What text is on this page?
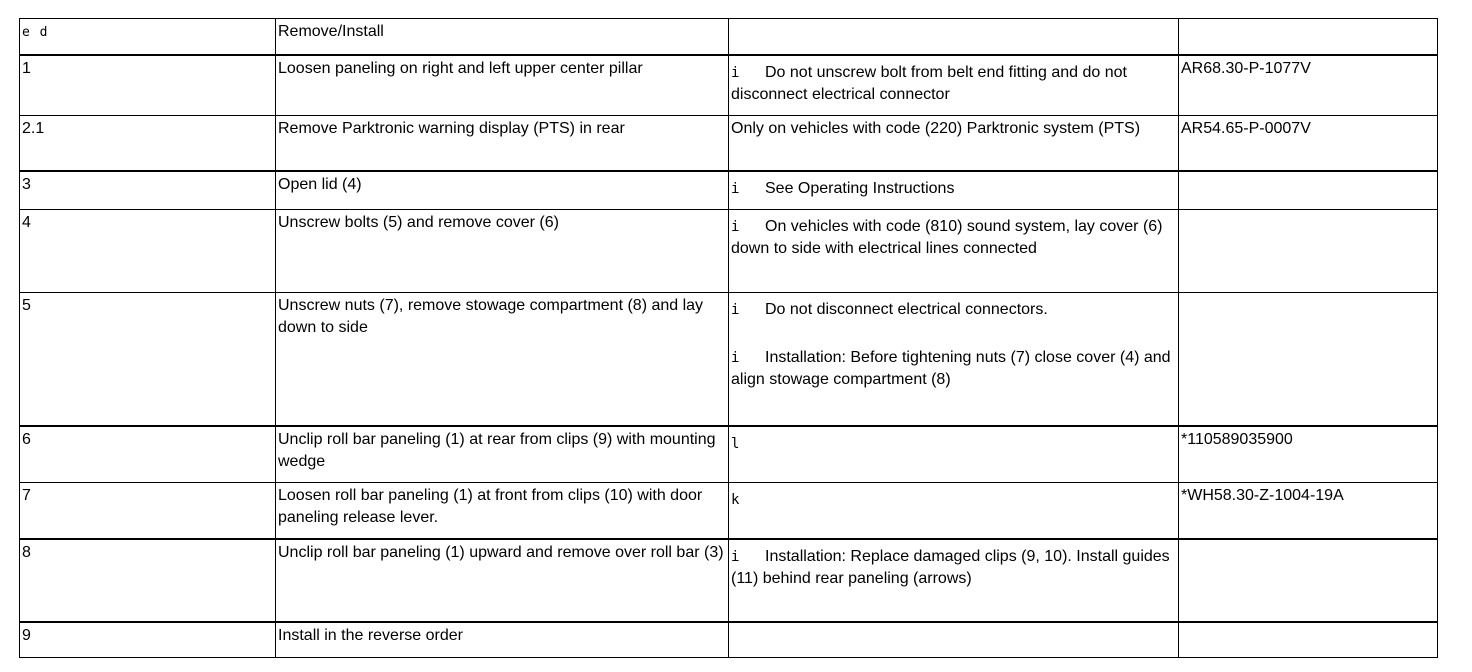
e d	Remove/Install		
1	Loosen paneling on right and left upper center pillar	i Do not unscrew bolt from belt end fitting and do not disconnect electrical connector	AR68.30-P-1077V
2.1	Remove Parktronic warning display (PTS) in rear	Only on vehicles with code (220) Parktronic system (PTS)	AR54.65-P-0007V
3	Open lid (4)	i See Operating Instructions	
4	Unscrew bolts (5) and remove cover (6)	i On vehicles with code (810) sound system, lay cover (6) down to side with electrical lines connected	
5	Unscrew nuts (7), remove stowage compartment (8) and lay down to side	i Do not disconnect electrical connectors.
i Installation: Before tightening nuts (7) close cover (4) and align stowage compartment (8)	

6	Unclip roll bar paneling (1) at rear from clips (9) with mounting wedge	l	*110589035900
7	Loosen roll bar paneling (1) at front from clips (10) with door paneling release lever.	k	*WH58.30-Z-1004-19A
8	Unclip roll bar paneling (1) upward and remove over roll bar (3)	i Installation: Replace damaged clips (9, 10). Install guides (11) behind rear paneling (arrows)	
9	Install in the reverse order		
